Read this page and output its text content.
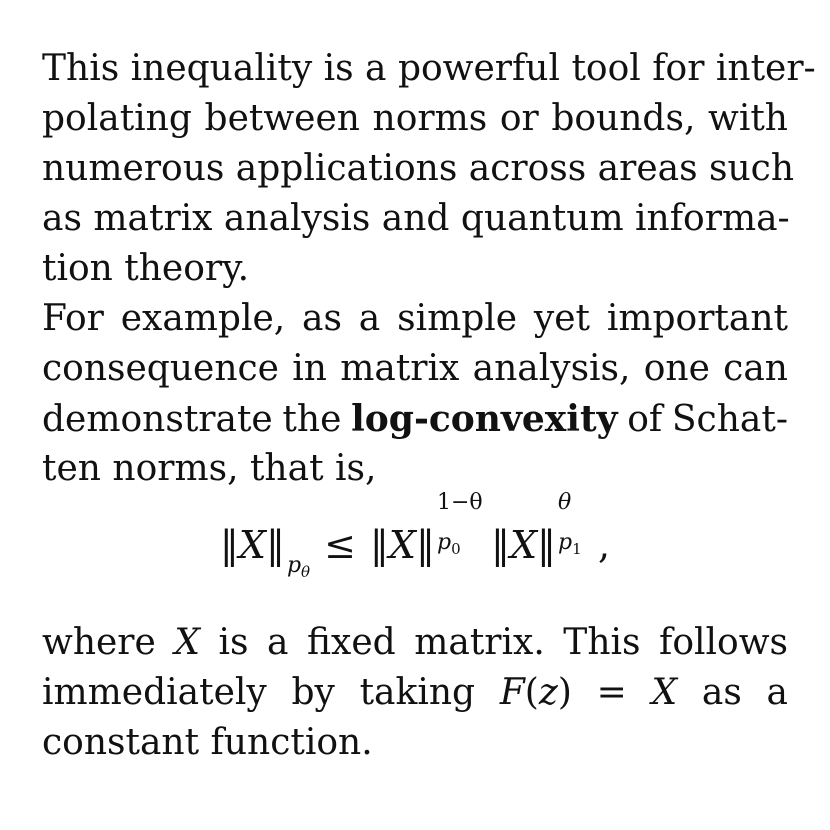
This inequality is a powerful tool for inter-
polating between norms or bounds, with
numerous applications across areas such
as matrix analysis and quantum informa-
tion theory.
For example, as a simple yet important
consequence in matrix analysis, one can
demonstrate the log-convexity of Schat-
ten norms, that is,
$‖X‖_{p_\theta}\le$ ‖X‖
1−θ
$p_0$ ‖X‖
θ
$p_1$ ,
where X is a fixed matrix. This follows
immediately by taking F(z) = X as a
constant function.
